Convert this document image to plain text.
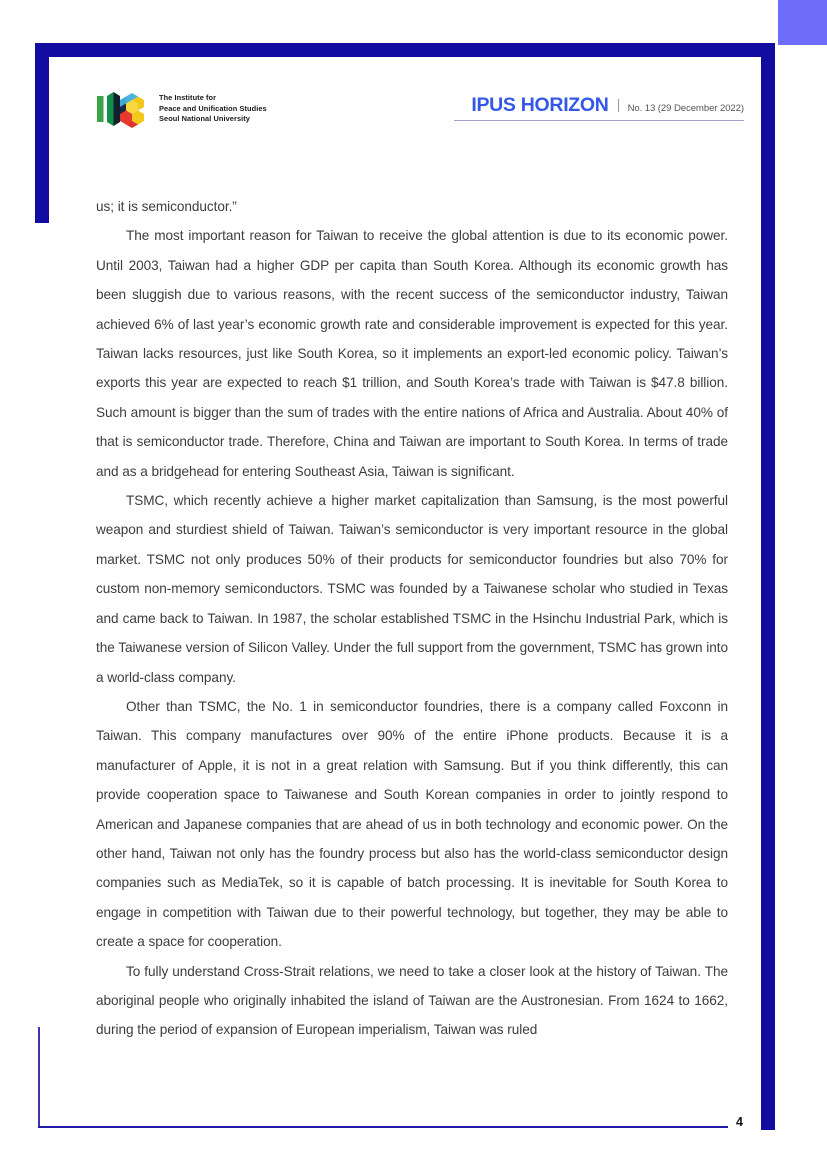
The Institute for
Peace and Unification Studies
Seoul National University
IPUS HORIZON No. 13 (29 December 2022)

us; it is semiconductor.”

The most important reason for Taiwan to receive the global attention is due to its economic power. Until 2003, Taiwan had a higher GDP per capita than South Korea. Although its economic growth has been sluggish due to various reasons, with the recent success of the semiconductor industry, Taiwan achieved 6% of last year’s economic growth rate and considerable improvement is expected for this year. Taiwan lacks resources, just like South Korea, so it implements an export-led economic policy. Taiwan’s exports this year are expected to reach $1 trillion, and South Korea’s trade with Taiwan is $47.8 billion. Such amount is bigger than the sum of trades with the entire nations of Africa and Australia. About 40% of that is semiconductor trade. Therefore, China and Taiwan are important to South Korea. In terms of trade and as a bridgehead for entering Southeast Asia, Taiwan is significant.

TSMC, which recently achieve a higher market capitalization than Samsung, is the most powerful weapon and sturdiest shield of Taiwan. Taiwan’s semiconductor is very important resource in the global market. TSMC not only produces 50% of their products for semiconductor foundries but also 70% for custom non-memory semiconductors. TSMC was founded by a Taiwanese scholar who studied in Texas and came back to Taiwan. In 1987, the scholar established TSMC in the Hsinchu Industrial Park, which is the Taiwanese version of Silicon Valley. Under the full support from the government, TSMC has grown into a world-class company.

Other than TSMC, the No. 1 in semiconductor foundries, there is a company called Foxconn in Taiwan. This company manufactures over 90% of the entire iPhone products. Because it is a manufacturer of Apple, it is not in a great relation with Samsung. But if you think differently, this can provide cooperation space to Taiwanese and South Korean companies in order to jointly respond to American and Japanese companies that are ahead of us in both technology and economic power. On the other hand, Taiwan not only has the foundry process but also has the world-class semiconductor design companies such as MediaTek, so it is capable of batch processing. It is inevitable for South Korea to engage in competition with Taiwan due to their powerful technology, but together, they may be able to create a space for cooperation.

To fully understand Cross-Strait relations, we need to take a closer look at the history of Taiwan. The aboriginal people who originally inhabited the island of Taiwan are the Austronesian. From 1624 to 1662, during the period of expansion of European imperialism, Taiwan was ruled

4
